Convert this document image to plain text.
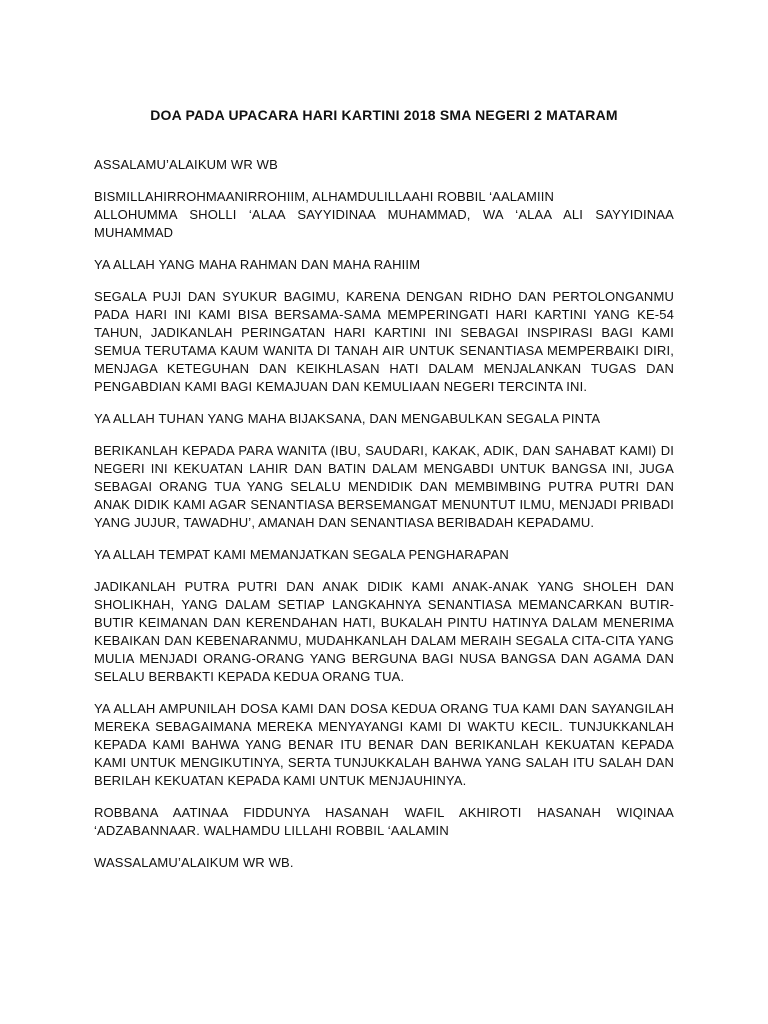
DOA PADA UPACARA HARI KARTINI 2018 SMA NEGERI 2 MATARAM
ASSALAMU’ALAIKUM WR WB
BISMILLAHIRROHMAANIRROHIIM, ALHAMDULILLAAHI ROBBIL ‘AALAMIIN
ALLOHUMMA SHOLLI ‘ALAA SAYYIDINAA MUHAMMAD, WA ‘ALAA ALI SAYYIDINAA MUHAMMAD
YA ALLAH YANG MAHA RAHMAN DAN MAHA RAHIIM
SEGALA PUJI DAN SYUKUR BAGIMU, KARENA DENGAN RIDHO DAN PERTOLONGANMU PADA HARI INI KAMI BISA BERSAMA-SAMA MEMPERINGATI HARI KARTINI YANG KE-54 TAHUN, JADIKANLAH PERINGATAN HARI KARTINI INI SEBAGAI INSPIRASI BAGI KAMI SEMUA TERUTAMA KAUM WANITA DI TANAH AIR UNTUK SENANTIASA MEMPERBAIKI DIRI, MENJAGA KETEGUHAN DAN KEIKHLASAN HATI DALAM MENJALANKAN TUGAS DAN PENGABDIAN KAMI BAGI KEMAJUAN DAN KEMULIAAN NEGERI TERCINTA INI.
YA ALLAH TUHAN YANG MAHA BIJAKSANA, DAN MENGABULKAN SEGALA PINTA
BERIKANLAH KEPADA PARA WANITA (IBU, SAUDARI, KAKAK, ADIK, DAN SAHABAT KAMI) DI NEGERI INI KEKUATAN LAHIR DAN BATIN DALAM MENGABDI UNTUK BANGSA INI, JUGA SEBAGAI ORANG TUA YANG SELALU MENDIDIK DAN MEMBIMBING PUTRA PUTRI DAN ANAK DIDIK KAMI AGAR SENANTIASA BERSEMANGAT MENUNTUT ILMU, MENJADI PRIBADI YANG JUJUR, TAWADHU’, AMANAH DAN SENANTIASA BERIBADAH KEPADAMU.
YA ALLAH TEMPAT KAMI MEMANJATKAN SEGALA PENGHARAPAN
JADIKANLAH PUTRA PUTRI DAN ANAK DIDIK KAMI ANAK-ANAK YANG SHOLEH DAN SHOLIKHAH, YANG DALAM SETIAP LANGKAHNYA SENANTIASA MEMANCARKAN BUTIR-BUTIR KEIMANAN DAN KERENDAHAN HATI, BUKALAH PINTU HATINYA DALAM MENERIMA KEBAIKAN DAN KEBENARANMU, MUDAHKANLAH DALAM MERAIH SEGALA CITA-CITA YANG MULIA MENJADI ORANG-ORANG YANG BERGUNA BAGI NUSA BANGSA DAN AGAMA DAN SELALU BERBAKTI KEPADA KEDUA ORANG TUA.
YA ALLAH AMPUNILAH DOSA KAMI DAN DOSA KEDUA ORANG TUA KAMI DAN SAYANGILAH MEREKA SEBAGAIMANA MEREKA MENYAYANGI KAMI DI WAKTU KECIL. TUNJUKKANLAH KEPADA KAMI BAHWA YANG BENAR ITU BENAR DAN BERIKANLAH KEKUATAN KEPADA KAMI UNTUK MENGIKUTINYA, SERTA TUNJUKKALAH BAHWA YANG SALAH ITU SALAH DAN BERILAH KEKUATAN KEPADA KAMI UNTUK MENJAUHINYA.
ROBBANA AATINAA FIDDUNYA HASANAH WAFIL AKHIROTI HASANAH WIQINAA ‘ADZABANNAAR. WALHAMDU LILLAHI ROBBIL ‘AALAMIN
WASSALAMU’ALAIKUM WR WB.
